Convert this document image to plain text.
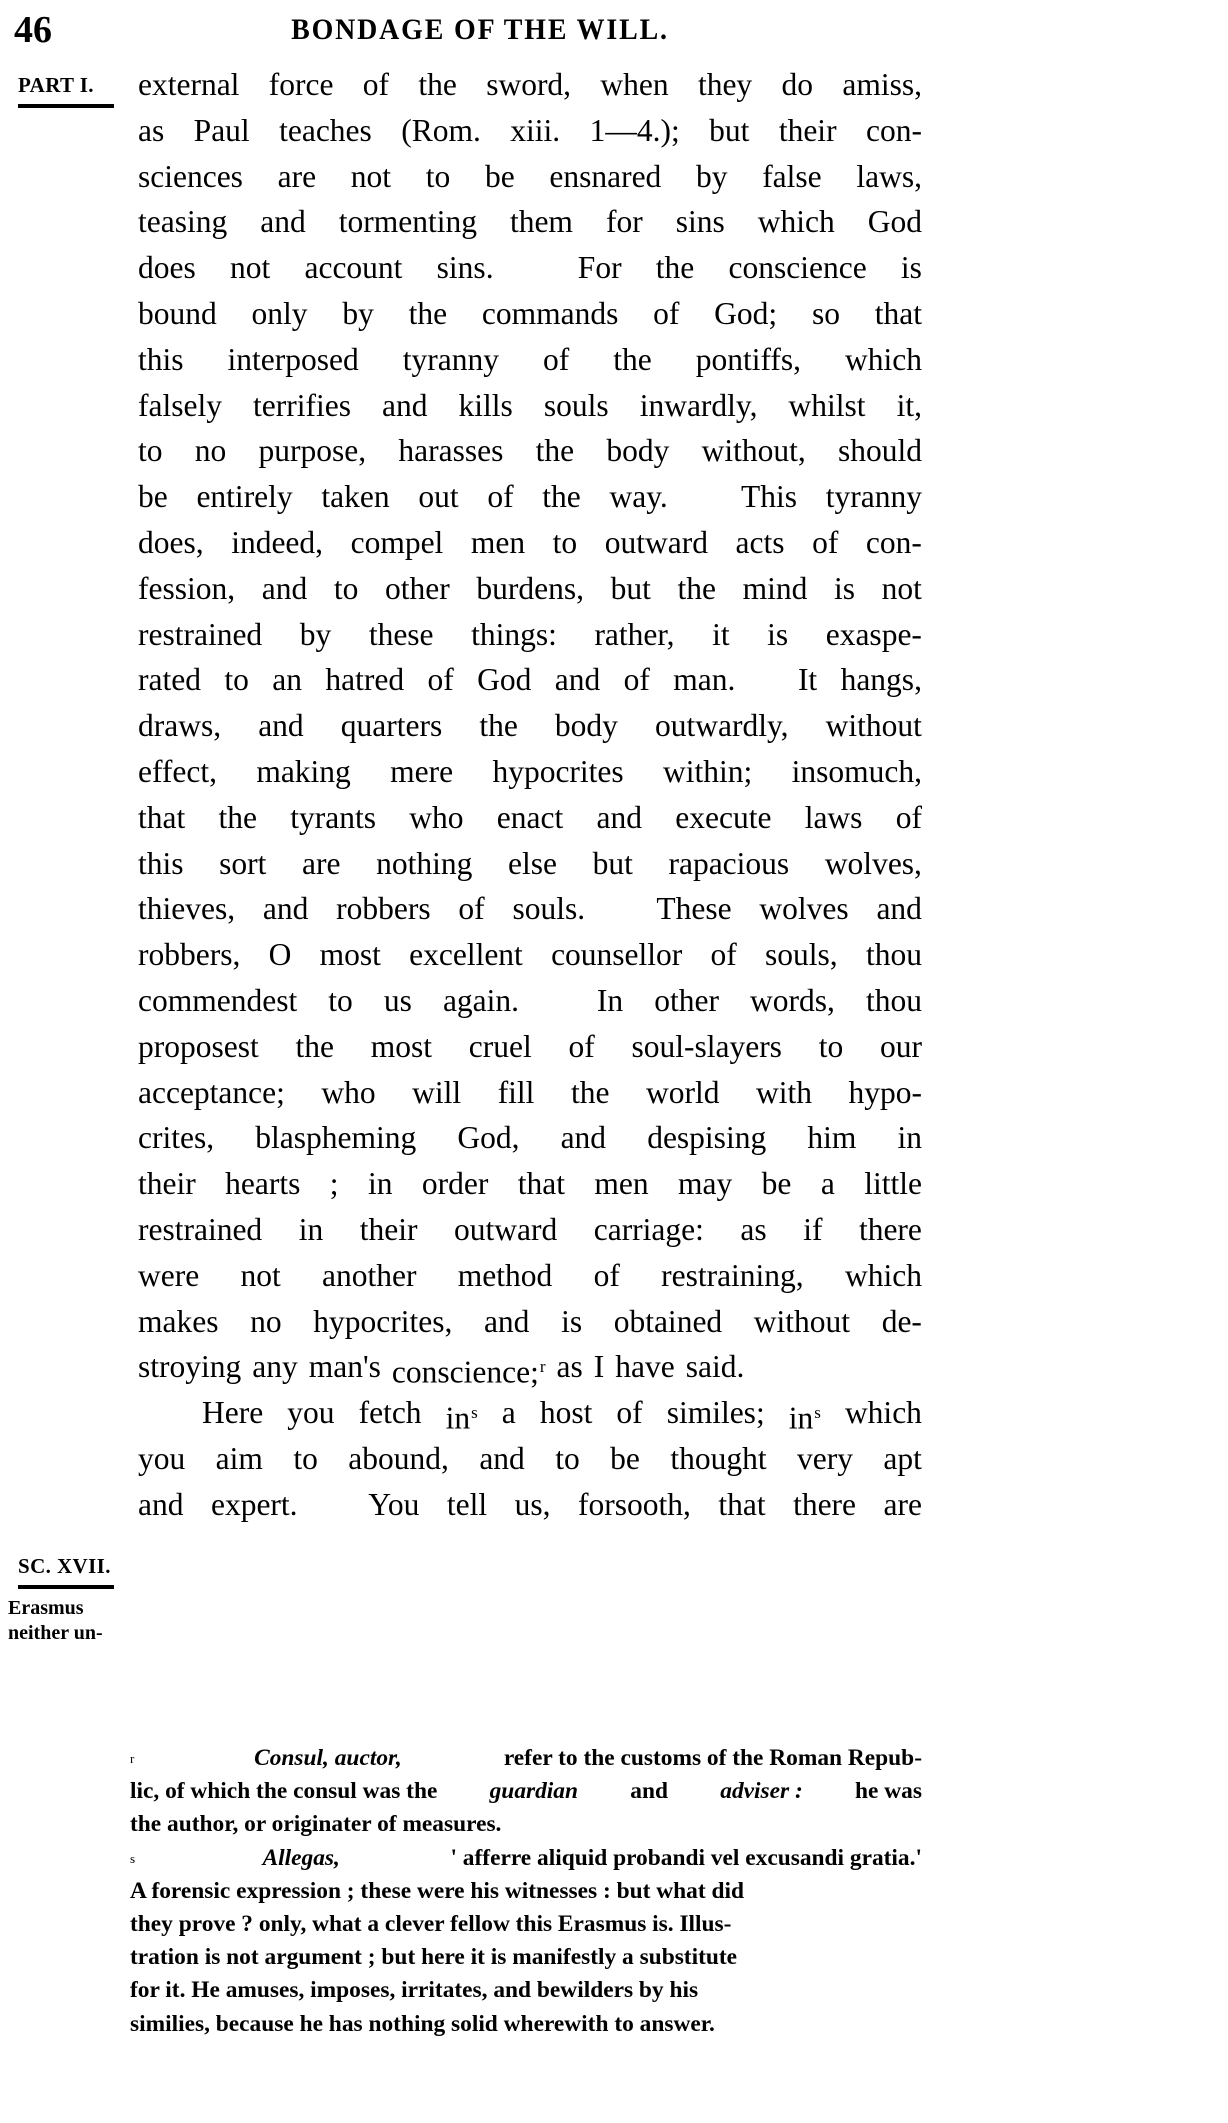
46	BONDAGE OF THE WILL.
PART I.
SC. XVII.
Erasmus
neither un-
external force of the sword, when they do amiss,
as Paul teaches (Rom. xiii. 1—4.); but their con-
sciences are not to be ensnared by false laws,
teasing and tormenting them for sins which God
does not account sins.
	For the conscience is
bound only by the commands of God; so that
this interposed tyranny of the pontiffs, which
falsely terrifies and kills souls inwardly, whilst it,
to no purpose, harasses the body without, should
be entirely taken out of the way.
This tyranny
does, indeed, compel men to outward acts of con-
fession, and to other burdens, but the mind is not
restrained by these things: rather, it is exaspe-
rated to an hatred of God and of man.
It hangs,
draws, and quarters the body outwardly, without
effect, making mere hypocrites within; insomuch,
that the tyrants who enact and execute laws of
this sort are nothing else but rapacious wolves,
thieves, and robbers of souls.
These wolves and
robbers, O most excellent counsellor of souls, thou
commendest to us again.
In other words, thou
proposest the most cruel of soul-slayers to our
acceptance; who will fill the world with hypo-
crites, blaspheming God, and despising him in
their hearts ; in order that men may be a little
restrained in their outward carriage: as if there
were not another method of restraining, which
makes no hypocrites, and is obtained without de-
stroying any man's conscience;$^r$ as I have said.
Here you fetch in$^s$ a host of similes; in$^s$ which
you aim to abound, and to be thought very apt
and expert.
You tell us, forsooth, that there are
$^r$	Consul, auctor,	refer to the customs of the Roman Repub-
lic, of which the consul was the guardian and adviser : he was
the author, or originater of measures.
$^s$	Allegas,	' afferre aliquid probandi vel excusandi gratia.'
A forensic expression ; these were his witnesses : but what did
they prove ? only, what a clever fellow this Erasmus is. Illus-
tration is not argument ; but here it is manifestly a substitute
for it. He amuses, imposes, irritates, and bewilders by his
similies, because he has nothing solid wherewith to answer.
